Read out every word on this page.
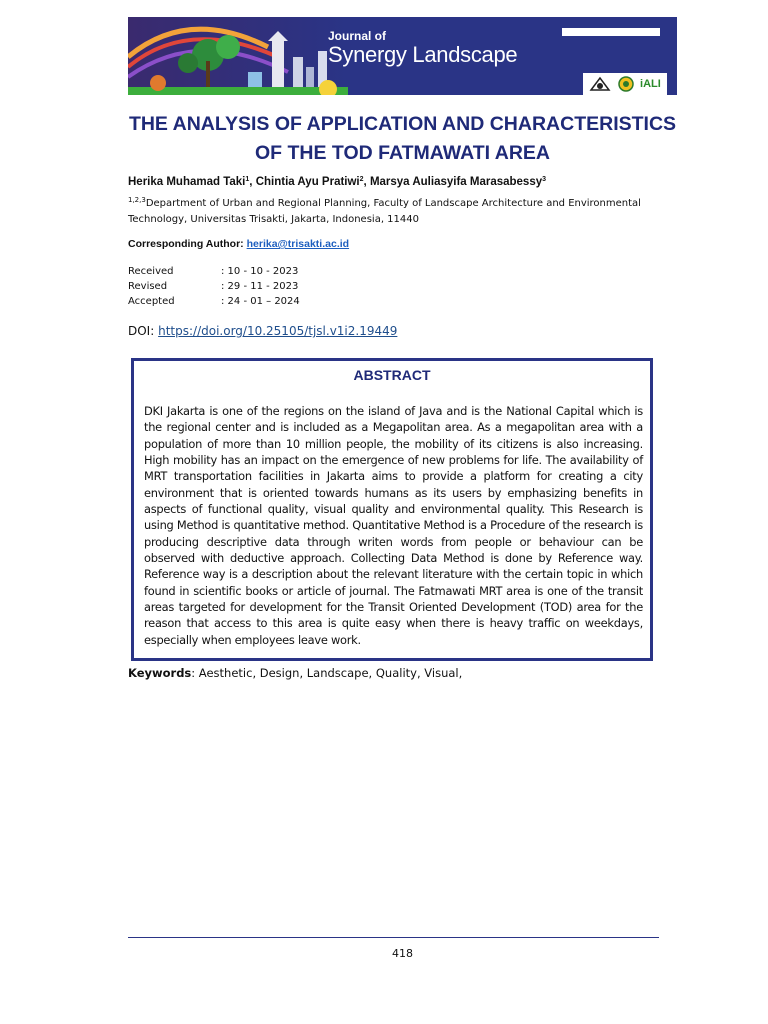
Journal of
Synergy Landscape
iALI
THE ANALYSIS OF APPLICATION AND CHARACTERISTICS OF THE TOD FATMAWATI AREA
Herika Muhamad Taki$^1$, Chintia Ayu Pratiwi$^2$, Marsya Auliasyifa Marasabessy$^3$
$^{1,2,3}$Department of Urban and Regional Planning, Faculty of Landscape Architecture and Environmental Technology, Universitas Trisakti, Jakarta, Indonesia, 11440
Corresponding Author: herika@trisakti.ac.id
Received	: 10 - 10 - 2023
Revised	: 29 - 11 - 2023
Accepted	: 24 - 01 – 2024
DOI: https://doi.org/10.25105/tjsl.v1i2.19449
ABSTRACT
DKI Jakarta is one of the regions on the island of Java and is the National Capital which is the regional center and is included as a Megapolitan area. As a megapolitan area with a population of more than 10 million people, the mobility of its citizens is also increasing. High mobility has an impact on the emergence of new problems for life. The availability of MRT transportation facilities in Jakarta aims to provide a platform for creating a city environment that is oriented towards humans as its users by emphasizing benefits in aspects of functional quality, visual quality and environmental quality. This Research is using Method is quantitative method. Quantitative Method is a Procedure of the research is producing descriptive data through writen words from people or behaviour can be observed with deductive approach. Collecting Data Method is done by Reference way. Reference way is a description about the relevant literature with the certain topic in which found in scientific books or article of journal. The Fatmawati MRT area is one of the transit areas targeted for development for the Transit Oriented Development (TOD) area for the reason that access to this area is quite easy when there is heavy traffic on weekdays, especially when employees leave work.
Keywords: Aesthetic, Design, Landscape, Quality, Visual,
418
